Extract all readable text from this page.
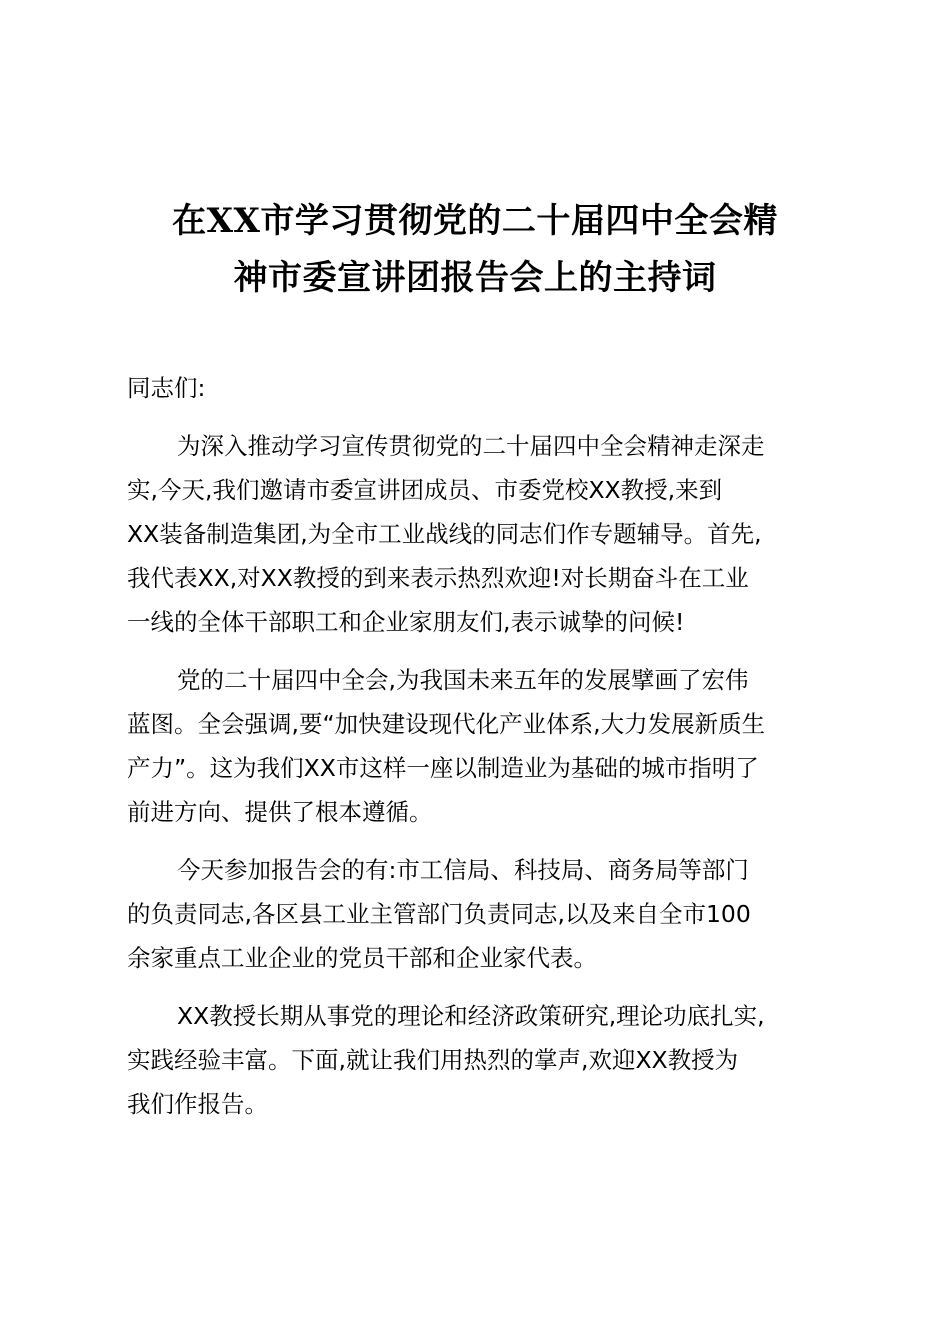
在XX市学习贯彻党的二十届四中全会精
神市委宣讲团报告会上的主持词
同志们:
为深入推动学习宣传贯彻党的二十届四中全会精神走深走
实,今天,我们邀请市委宣讲团成员、市委党校XX教授,来到
XX装备制造集团,为全市工业战线的同志们作专题辅导。首先,
我代表XX,对XX教授的到来表示热烈欢迎!对长期奋斗在工业
一线的全体干部职工和企业家朋友们,表示诚挚的问候!
党的二十届四中全会,为我国未来五年的发展擘画了宏伟
蓝图。全会强调,要“加快建设现代化产业体系,大力发展新质生
产力”。这为我们XX市这样一座以制造业为基础的城市指明了
前进方向、提供了根本遵循。
今天参加报告会的有:市工信局、科技局、商务局等部门
的负责同志,各区县工业主管部门负责同志,以及来自全市100
余家重点工业企业的党员干部和企业家代表。
XX教授长期从事党的理论和经济政策研究,理论功底扎实,
实践经验丰富。下面,就让我们用热烈的掌声,欢迎XX教授为
我们作报告。
